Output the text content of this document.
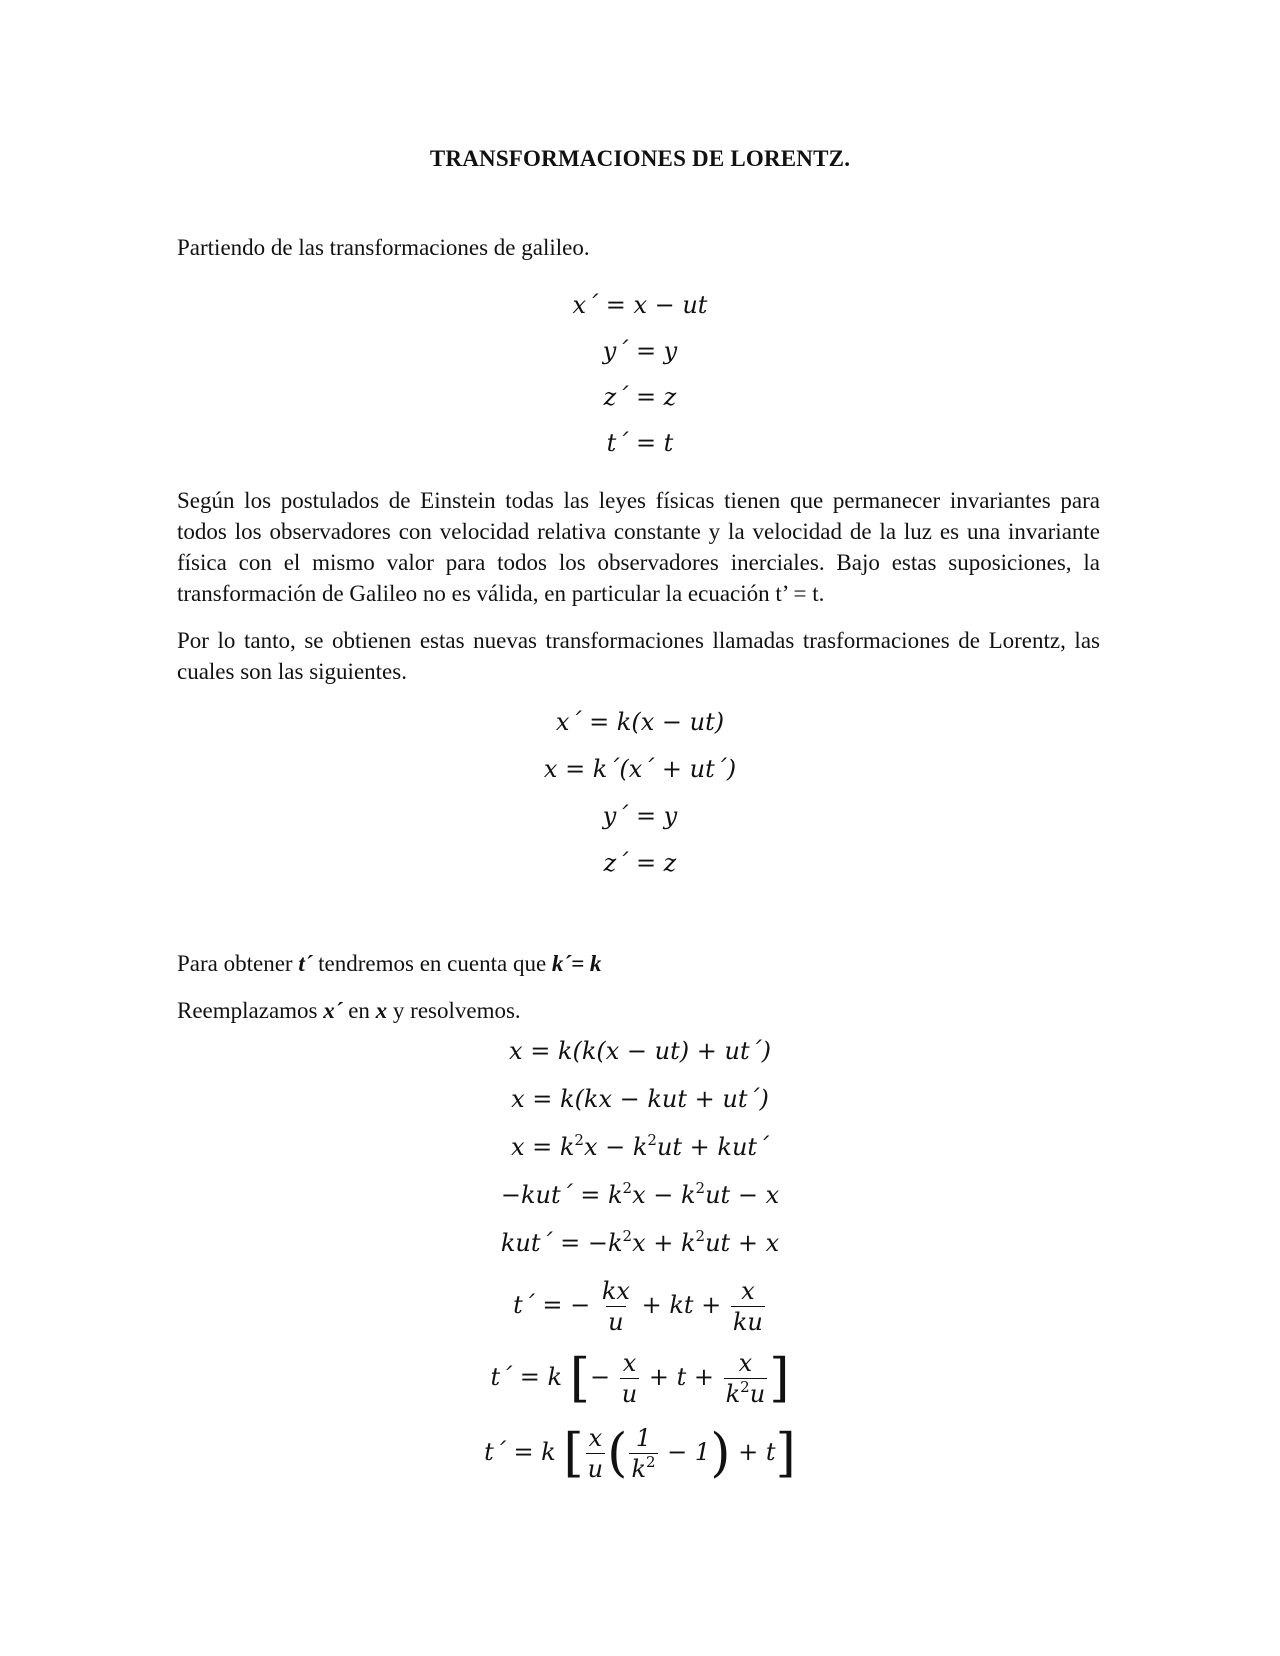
TRANSFORMACIONES DE LORENTZ.

Partiendo de las transformaciones de galileo.

x´ = x − ut
y´ = y
z´ = z
t´ = t

Según los postulados de Einstein todas las leyes físicas tienen que permanecer invariantes para todos los observadores con velocidad relativa constante y la velocidad de la luz es una invariante física con el mismo valor para todos los observadores inerciales. Bajo estas suposiciones, la transformación de Galileo no es válida, en particular la ecuación t’ = t.

Por lo tanto, se obtienen estas nuevas transformaciones llamadas trasformaciones de Lorentz, las cuales son las siguientes.

x´ = k(x − ut)
x = k´(x´ + ut´)
y´ = y
z´ = z

Para obtener t´ tendremos en cuenta que k´= k

Reemplazamos x´ en x y resolvemos.

x = k(k(x − ut) + ut´)
x = k(kx − kut + ut´)
$x = k^2x - k^2ut$ + kut´
−kut´ = $k^2x - k^2ut - x$
kut´ = $-k^2x + k^2ut + x$
t´ = − $\frac{kx}{u}$ + kt + $\frac{x}{ku}$
t´ = k [− $\frac{x}{u} + t + \frac{x}{k^2u}$ ]
t´ = k [ $\frac{x}{u}$ ( $\frac{1}{k^2} - 1) + t$]
